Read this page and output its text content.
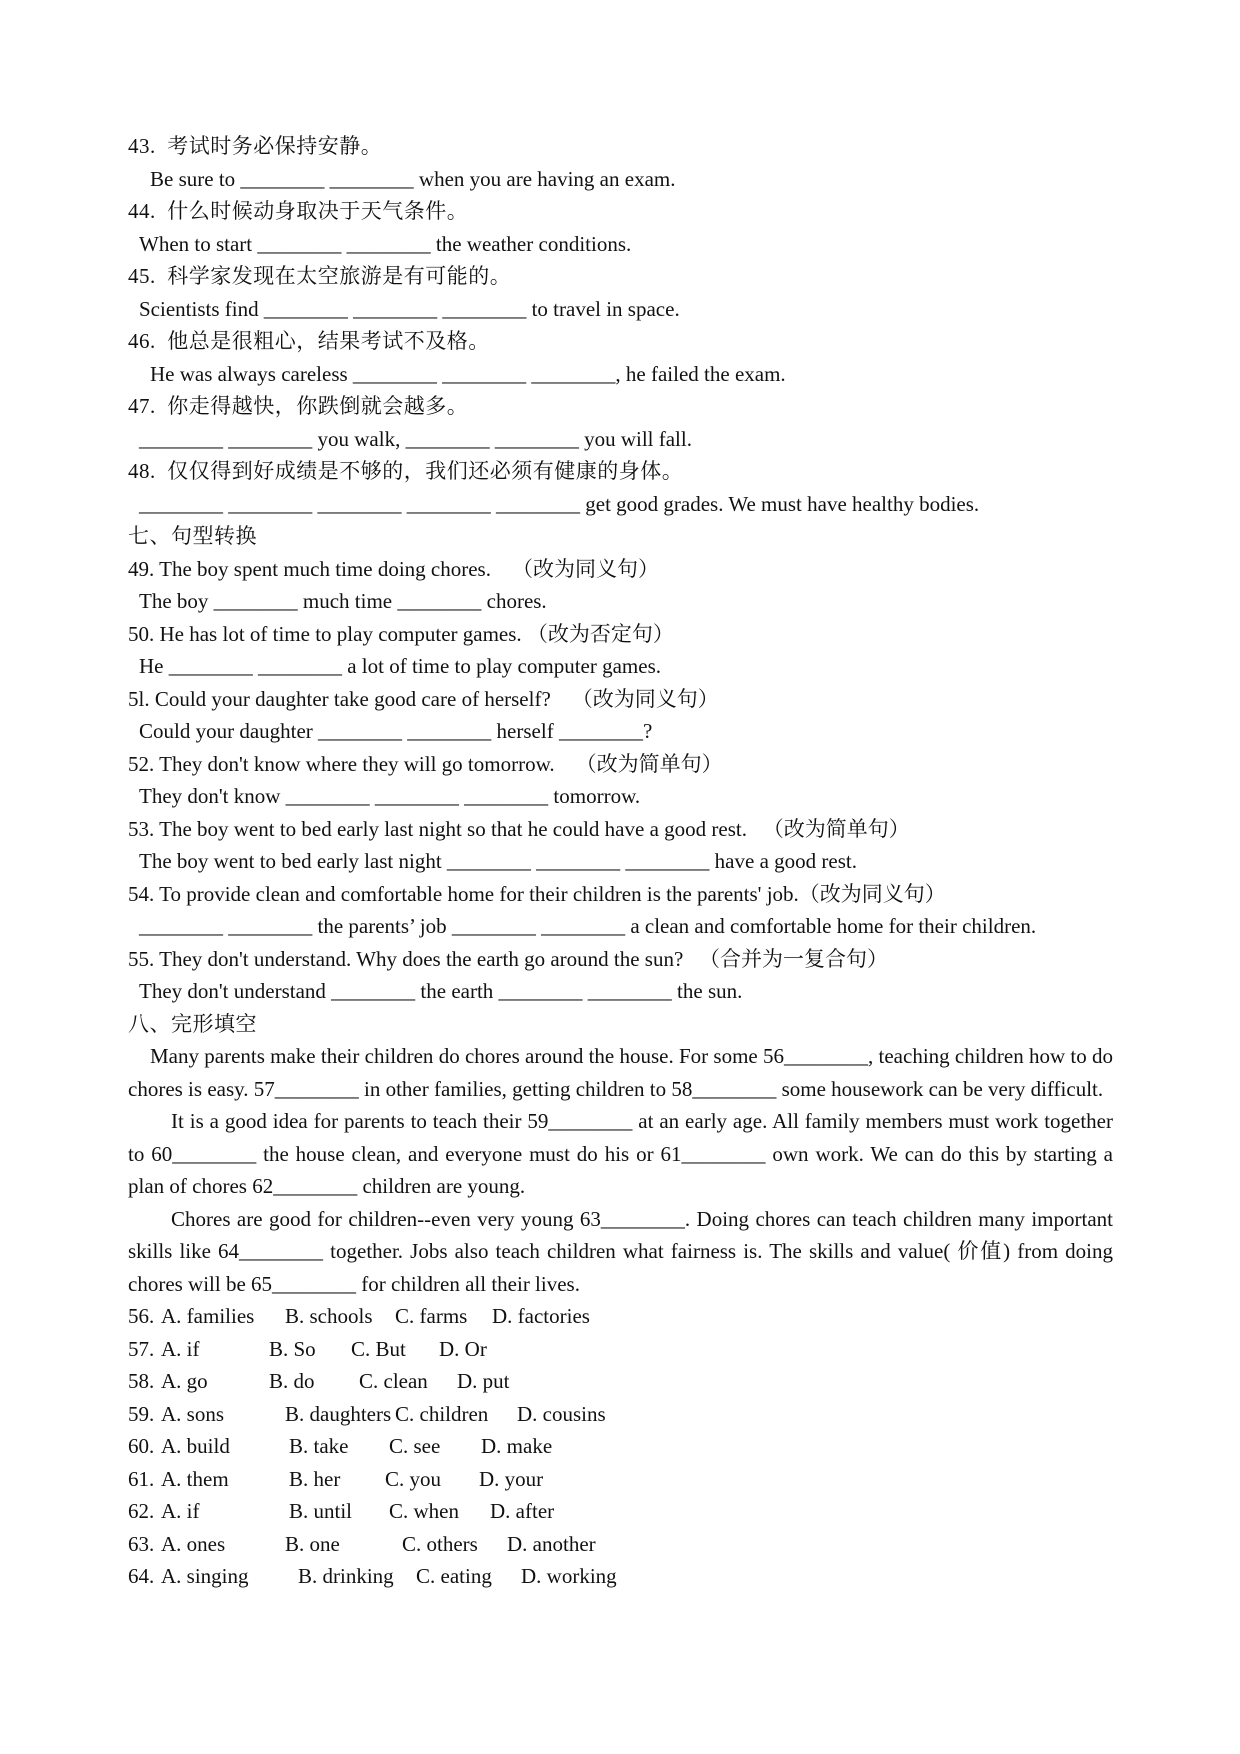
43.  考试时务必保持安静。
Be sure to ________ ________ when you are having an exam.
44.  什么时候动身取决于天气条件。
When to start ________ ________ the weather conditions.
45.  科学家发现在太空旅游是有可能的。
Scientists find ________ ________ ________ to travel in space.
46.  他总是很粗心，结果考试不及格。
He was always careless ________ ________ ________, he failed the exam.
47.  你走得越快，你跌倒就会越多。
________ ________ you walk, ________ ________ you will fall.
48.  仅仅得到好成绩是不够的，我们还必须有健康的身体。
________ ________ ________ ________ ________ get good grades. We must have healthy bodies.
七、句型转换
49. The boy spent much time doing chores.    （改为同义句）
The boy ________ much time ________ chores.
50. He has lot of time to play computer games. （改为否定句）
He ________ ________ a lot of time to play computer games.
5l. Could your daughter take good care of herself?    （改为同义句）
Could your daughter ________ ________ herself ________?
52. They don't know where they will go tomorrow.    （改为简单句）
They don't know ________ ________ ________ tomorrow.
53. The boy went to bed early last night so that he could have a good rest.   （改为简单句）
The boy went to bed early last night ________ ________ ________ have a good rest.
54. To provide clean and comfortable home for their children is the parents' job.（改为同义句）
________ ________ the parents’ job ________ ________ a clean and comfortable home for their children.
55. They don't understand. Why does the earth go around the sun?   （合并为一复合句）
They don't understand ________ the earth ________ ________ the sun.
八、完形填空
Many parents make their children do chores around the house. For some 56________, teaching children how to do chores is easy. 57________ in other families, getting children to 58________ some housework can be very difficult.
It is a good idea for parents to teach their 59________ at an early age. All family members must work together to 60________ the house clean, and everyone must do his or 61________ own work. We can do this by starting a plan of chores 62________ children are young.
Chores are good for children--even very young 63________. Doing chores can teach children many important skills like 64________ together. Jobs also teach children what fairness is. The skills and value( 价值) from doing chores will be 65________ for children all their lives.
56. A. families	B. schools	C. farms	D. factories
57. A. if	B. So	C. But	D. Or
58. A. go	B. do	C. clean	D. put
59. A. sons	B. daughters C. children	D. cousins
60. A. build	B. take	C. see	D. make
61. A. them	B. her	C. you	D. your
62. A. if	B. until	C. when	D. after
63. A. ones	B. one	C. others	D. another
64. A. singing	B. drinking	C. eating	D. working
